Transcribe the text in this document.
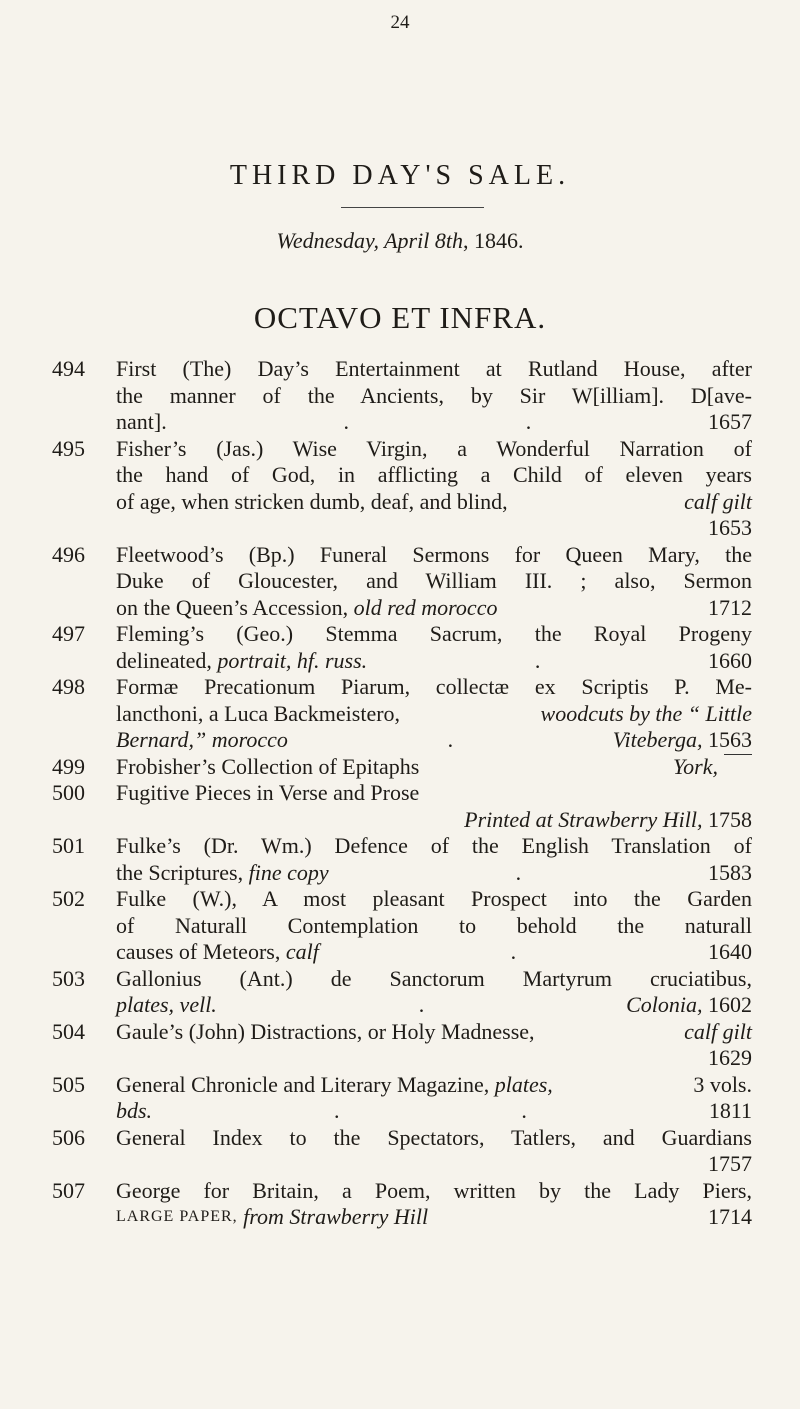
24
THIRD DAY'S SALE.
Wednesday, April 8th, 1846.
OCTAVO ET INFRA.
494	First (The) Day’s Entertainment at Rutland House, after
the manner of the Ancients, by Sir W[illiam]. D[ave-
nant].	.	.	1657
495	Fisher’s (Jas.) Wise Virgin, a Wonderful Narration of
the hand of God, in afflicting a Child of eleven years
of age, when stricken dumb, deaf, and blind,	calf gilt
1653
496	Fleetwood’s (Bp.) Funeral Sermons for Queen Mary, the
Duke of Gloucester, and William III. ; also, Sermon
on the Queen’s Accession,
old red morocco	1712
497	Fleming’s (Geo.) Stemma Sacrum, the Royal Progeny
delineated,
portrait, hf. russ.	.	1660
498	Formæ Precationum Piarum, collectæ ex Scriptis P. Me-
lancthoni, a Luca Backmeistero,
	woodcuts by the “ Little
Bernard,”
morocco	.	Viteberga,
1563
499	Frobisher’s Collection of Epitaphs	York,
500	Fugitive Pieces in Verse and Prose
Printed at Strawberry Hill,
1758
501	Fulke’s (Dr. Wm.) Defence of the English Translation of
the Scriptures,
fine copy	.	1583
502	Fulke (W.), A most pleasant Prospect into the Garden
of Naturall Contemplation to behold the naturall
causes of Meteors,
calf	.	1640
503	Gallonius (Ant.) de Sanctorum Martyrum cruciatibus,
plates, vell.	.	Colonia,
1602
504	Gaule’s (John) Distractions, or Holy Madnesse,	calf gilt
1629
505	General Chronicle and Literary Magazine,
plates,	3 vols.
bds.	.	.	1811
506	General Index to the Spectators, Tatlers, and Guardians
1757
507	George for Britain, a Poem, written by the Lady Piers,
LARGE PAPER,
from Strawberry Hill	1714
